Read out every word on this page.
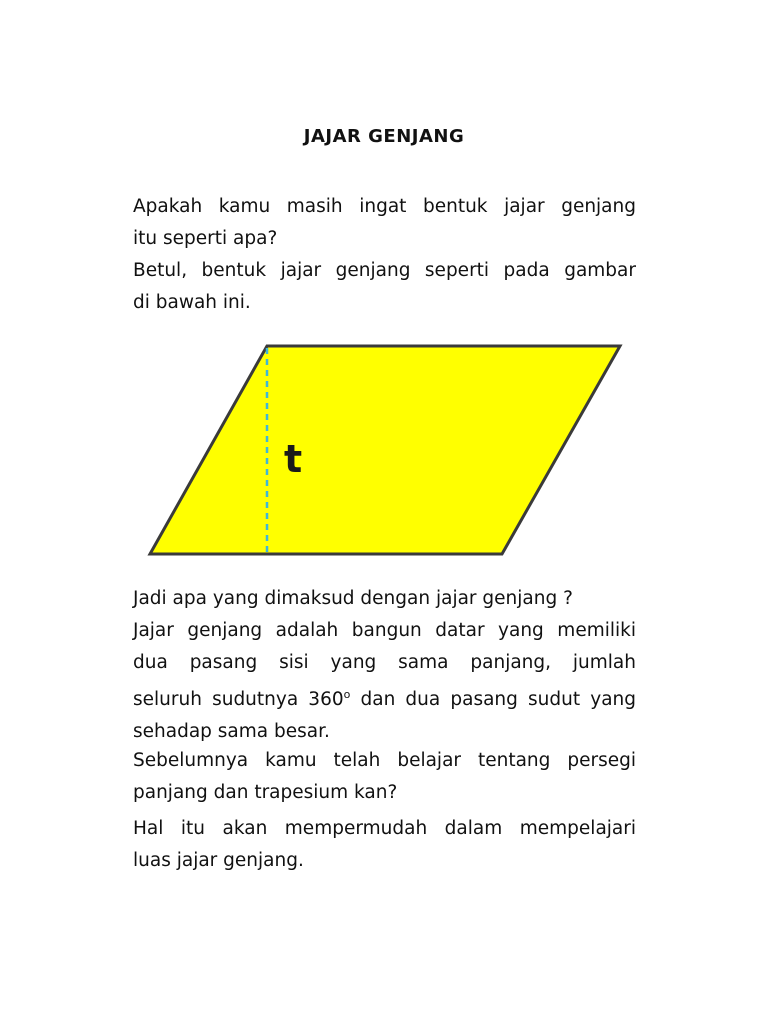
JAJAR GENJANG
Apakah kamu masih ingat bentuk jajar genjang
itu seperti apa?
Betul, bentuk jajar genjang seperti pada gambar
di bawah ini.
t
Jadi apa yang dimaksud dengan jajar genjang ?
Jajar genjang adalah bangun datar yang memiliki
dua pasang sisi yang sama panjang, jumlah
seluruh sudutnya 360$^o$ dan dua pasang sudut yang
sehadap sama besar.
Sebelumnya kamu telah belajar tentang persegi
panjang dan trapesium kan?
Hal itu akan mempermudah dalam mempelajari
luas jajar genjang.
